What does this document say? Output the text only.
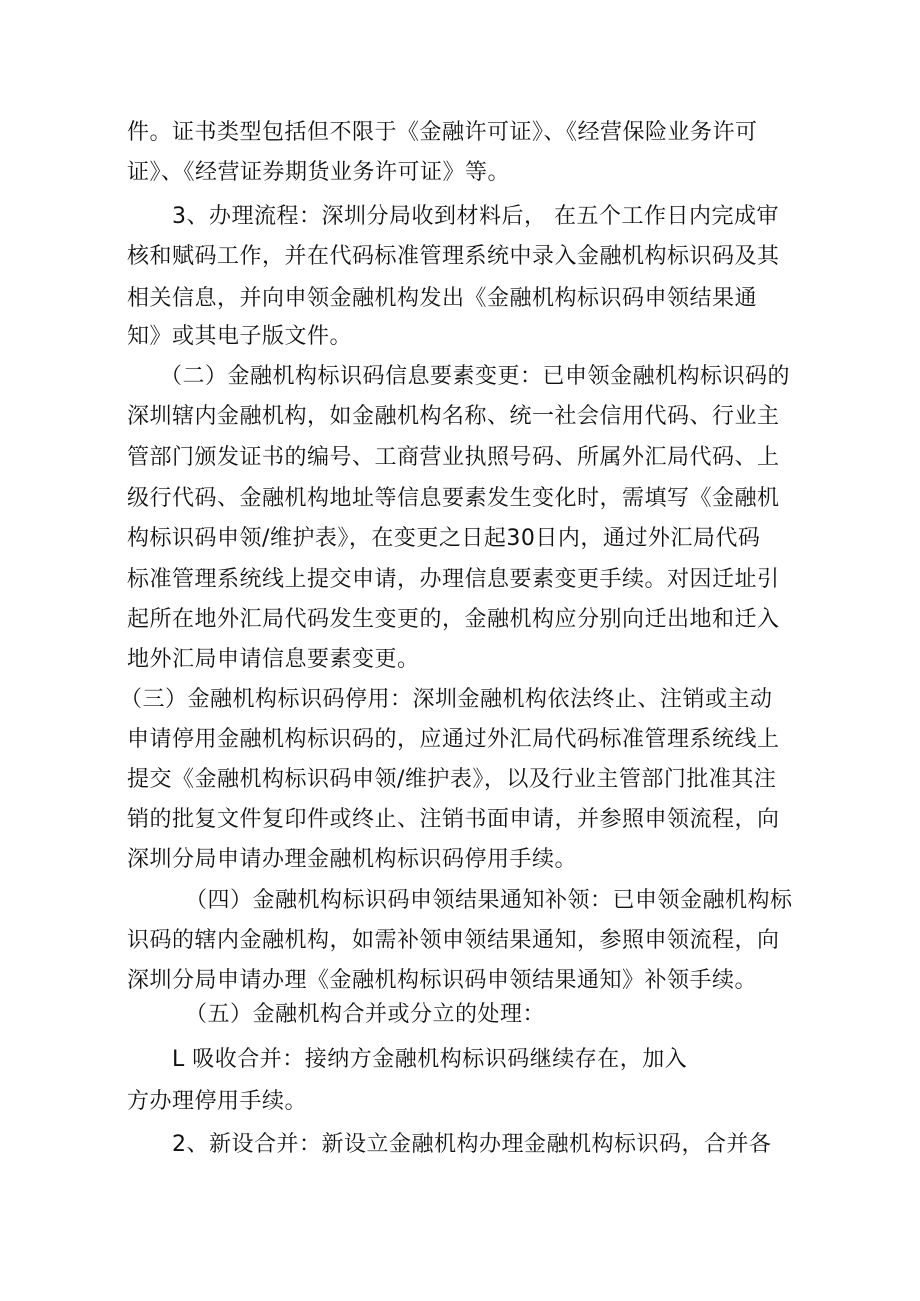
件。证书类型包括但不限于《金融许可证》、《经营保险业务许可
证》、《经营证券期货业务许可证》等。
3、办理流程：深圳分局收到材料后， 在五个工作日内完成审
核和赋码工作，并在代码标准管理系统中录入金融机构标识码及其
相关信息，并向申领金融机构发出《金融机构标识码申领结果通
知》或其电子版文件。
（二）金融机构标识码信息要素变更：已申领金融机构标识码的
深圳辖内金融机构，如金融机构名称、统一社会信用代码、行业主
管部门颁发证书的编号、工商营业执照号码、所属外汇局代码、上
级行代码、金融机构地址等信息要素发生变化时，需填写《金融机
构标识码申领/维护表》，在变更之日起30日内，通过外汇局代码
标准管理系统线上提交申请，办理信息要素变更手续。对因迁址引
起所在地外汇局代码发生变更的，金融机构应分别向迁出地和迁入
地外汇局申请信息要素变更。
（三）金融机构标识码停用：深圳金融机构依法终止、注销或主动
申请停用金融机构标识码的，应通过外汇局代码标准管理系统线上
提交《金融机构标识码申领/维护表》，以及行业主管部门批准其注
销的批复文件复印件或终止、注销书面申请，并参照申领流程，向
深圳分局申请办理金融机构标识码停用手续。
（四）金融机构标识码申领结果通知补领：已申领金融机构标
识码的辖内金融机构，如需补领申领结果通知，参照申领流程，向
深圳分局申请办理《金融机构标识码申领结果通知》补领手续。
（五）金融机构合并或分立的处理：
L 吸收合并：接纳方金融机构标识码继续存在，加入
方办理停用手续。
2、新设合并：新设立金融机构办理金融机构标识码，合并各
